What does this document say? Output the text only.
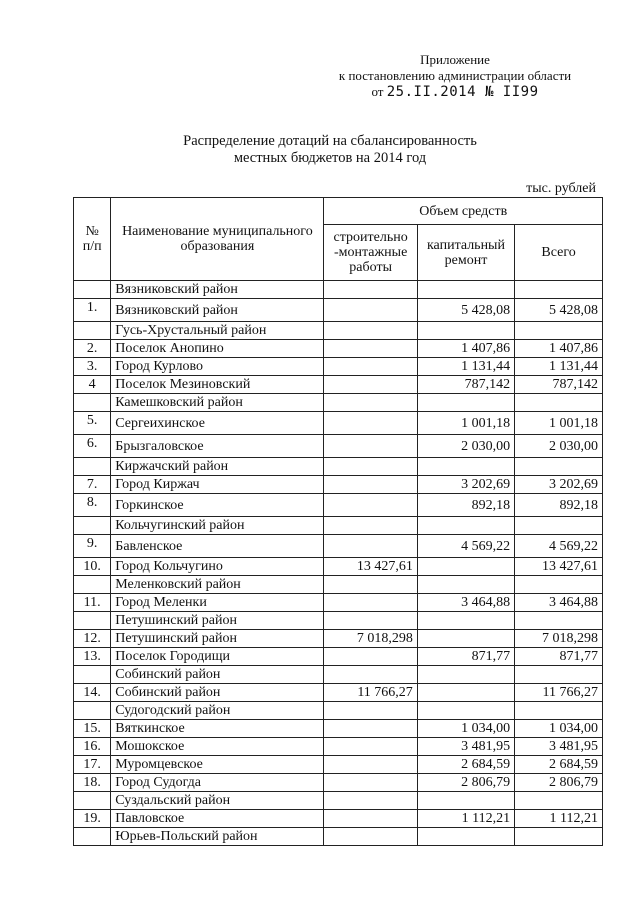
Приложение
к постановлению администрации области
от 25.II.2014 № II99
Распределение дотаций на сбалансированность
местных бюджетов на 2014 год
тыс. рублей
№
п/п	Наименование муниципального образования	Объем средств		
		строительно -монтажные работы	капитальный ремонт	Всего
	Вязниковский район			
1.	Вязниковский район		5 428,08	5 428,08
	Гусь-Хрустальный район			
2.	Поселок Анопино		1 407,86	1 407,86
3.	Город Курлово		1 131,44	1 131,44
4	Поселок Мезиновский		787,142	787,142
	Камешковский район			
5.	Сергеихинское		1 001,18	1 001,18
6.	Брызгаловское		2 030,00	2 030,00
	Киржачский район			
7.	Город Киржач		3 202,69	3 202,69
8.	Горкинское		892,18	892,18
	Кольчугинский район			
9.	Бавленское		4 569,22	4 569,22
10.	Город Кольчугино	13 427,61		13 427,61
	Меленковский район			
11.	Город Меленки		3 464,88	3 464,88
	Петушинский район			
12.	Петушинский район	7 018,298		7 018,298
13.	Поселок Городищи		871,77	871,77
	Собинский район			
14.	Собинский район	11 766,27		11 766,27
	Судогодский район			
15.	Вяткинское		1 034,00	1 034,00
16.	Мошокское		3 481,95	3 481,95
17.	Муромцевское		2 684,59	2 684,59
18.	Город Судогда		2 806,79	2 806,79
	Суздальский район			
19.	Павловское		1 112,21	1 112,21
	Юрьев-Польский район			
